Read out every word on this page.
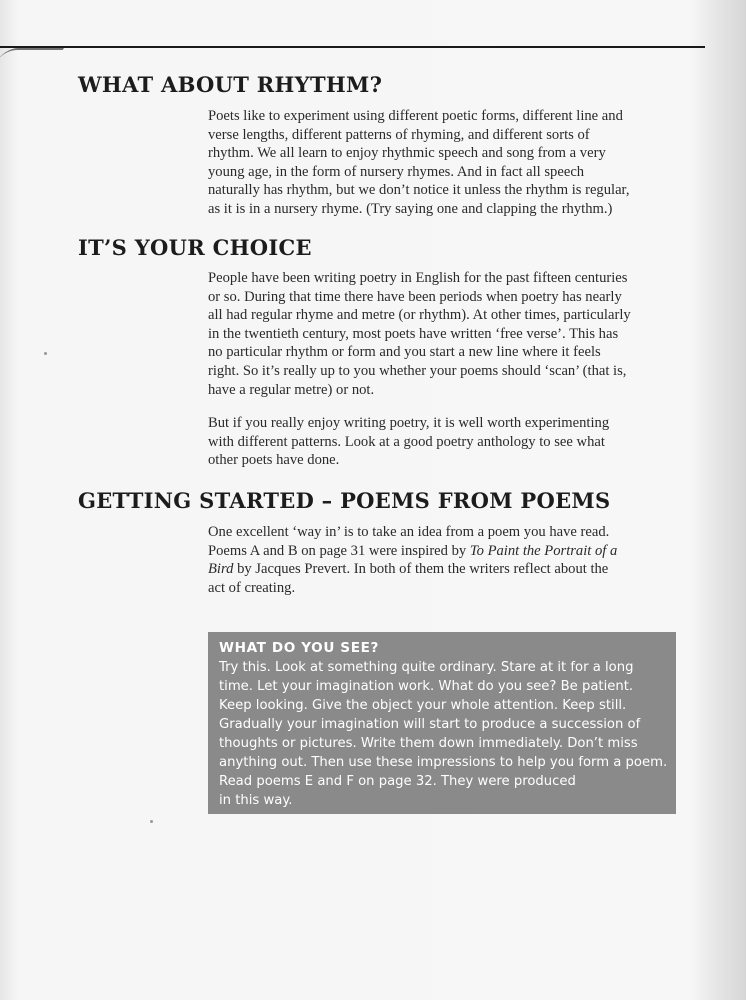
WHAT ABOUT RHYTHM?

Poets like to experiment using different poetic forms, different line and
verse lengths, different patterns of rhyming, and different sorts of
rhythm. We all learn to enjoy rhythmic speech and song from a very
young age, in the form of nursery rhymes. And in fact all speech
naturally has rhythm, but we don’t notice it unless the rhythm is regular,
as it is in a nursery rhyme. (Try saying one and clapping the rhythm.)

IT’S YOUR CHOICE

People have been writing poetry in English for the past fifteen centuries
or so. During that time there have been periods when poetry has nearly
all had regular rhyme and metre (or rhythm). At other times, particularly
in the twentieth century, most poets have written ‘free verse’. This has
no particular rhythm or form and you start a new line where it feels
right. So it’s really up to you whether your poems should ‘scan’ (that is,
have a regular metre) or not.

But if you really enjoy writing poetry, it is well worth experimenting
with different patterns. Look at a good poetry anthology to see what
other poets have done.

GETTING STARTED – POEMS FROM POEMS

One excellent ‘way in’ is to take an idea from a poem you have read.
Poems A and B on page 31 were inspired by To Paint the Portrait of a
Bird by Jacques Prevert. In both of them the writers reflect about the
act of creating.

WHAT DO YOU SEE?
Try this. Look at something quite ordinary. Stare at it for a long
time. Let your imagination work. What do you see? Be patient.
Keep looking. Give the object your whole attention. Keep still.
Gradually your imagination will start to produce a succession of
thoughts or pictures. Write them down immediately. Don’t miss
anything out. Then use these impressions to help you form a poem.
Read poems E and F on page 32. They were produced
in this way.
